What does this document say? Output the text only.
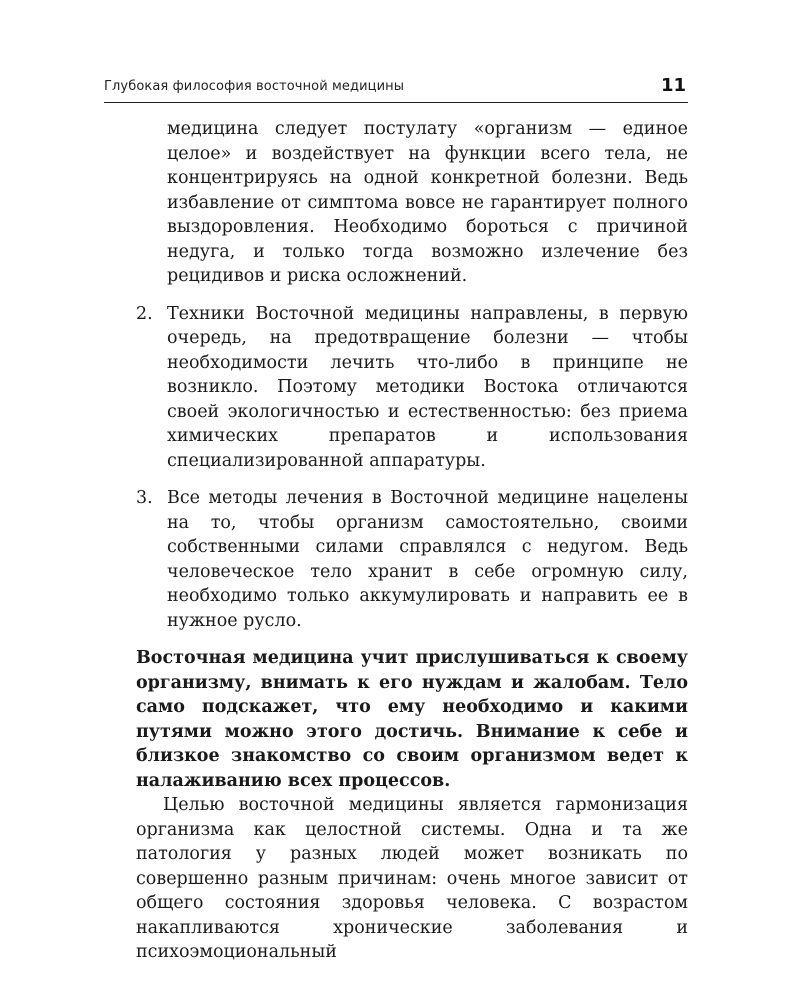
Глубокая философия восточной медицины	11

медицина следует постулату «организм — единое целое» и воздействует на функции всего тела, не концентрируясь на одной конкретной болезни. Ведь избавление от симптома вовсе не гарантирует полного выздоровления. Необходимо бороться с причиной недуга, и только тогда возможно излечение без рецидивов и риска осложнений.

2. Техники Восточной медицины направлены, в первую очередь, на предотвращение болезни — чтобы необходимости лечить что-либо в принципе не возникло. Поэтому методики Востока отличаются своей экологичностью и естественностью: без приема химических препаратов и использования специализированной аппаратуры.

3. Все методы лечения в Восточной медицине нацелены на то, чтобы организм самостоятельно, своими собственными силами справлялся с недугом. Ведь человеческое тело хранит в себе огромную силу, необходимо только аккумулировать и направить ее в нужное русло.

Восточная медицина учит прислушиваться к своему организму, внимать к его нуждам и жалобам. Тело само подскажет, что ему необходимо и какими путями можно этого достичь. Внимание к себе и близкое знакомство со своим организмом ведет к налаживанию всех процессов.

Целью восточной медицины является гармонизация организма как целостной системы. Одна и та же патология у разных людей может возникать по совершенно разным причинам: очень многое зависит от общего состояния здоровья человека. С возрастом накапливаются хронические заболевания и психоэмоциональный
